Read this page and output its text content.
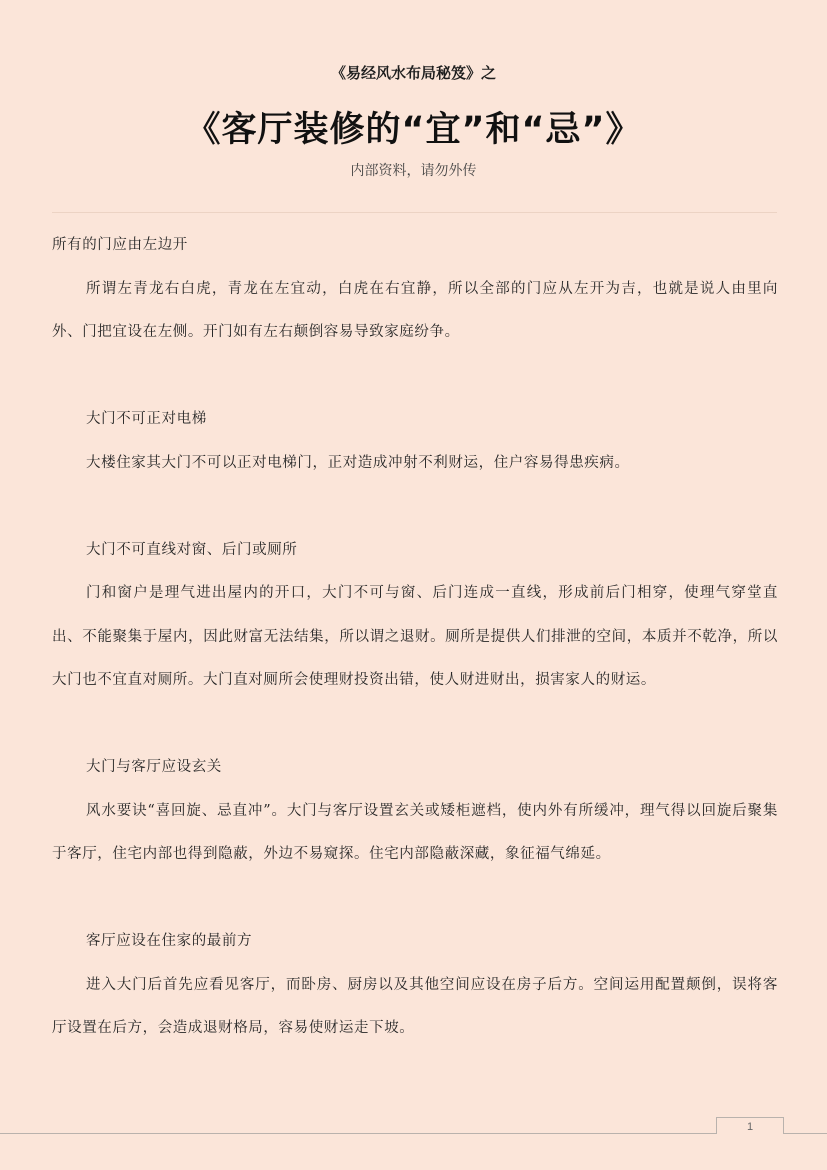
《易经风水布局秘笈》之
《客厅装修的“宜”和“忌”》
内部资料，请勿外传

所有的门应由左边开

所谓左青龙右白虎，青龙在左宜动，白虎在右宜静，所以全部的门应从左开为吉，也就是说人由里向外、门把宜设在左侧。开门如有左右颠倒容易导致家庭纷争。

大门不可正对电梯

大楼住家其大门不可以正对电梯门，正对造成冲射不利财运，住户容易得患疾病。

大门不可直线对窗、后门或厕所

门和窗户是理气进出屋内的开口，大门不可与窗、后门连成一直线，形成前后门相穿，使理气穿堂直出、不能聚集于屋内，因此财富无法结集，所以谓之退财。厕所是提供人们排泄的空间，本质并不乾净，所以大门也不宜直对厕所。大门直对厕所会使理财投资出错，使人财进财出，损害家人的财运。

大门与客厅应设玄关

风水要诀“喜回旋、忌直冲”。大门与客厅设置玄关或矮柜遮档，使内外有所缓冲，理气得以回旋后聚集于客厅，住宅内部也得到隐蔽，外边不易窥探。住宅内部隐蔽深藏，象征福气绵延。

客厅应设在住家的最前方

进入大门后首先应看见客厅，而卧房、厨房以及其他空间应设在房子后方。空间运用配置颠倒，误将客厅设置在后方，会造成退财格局，容易使财运走下坡。

1
